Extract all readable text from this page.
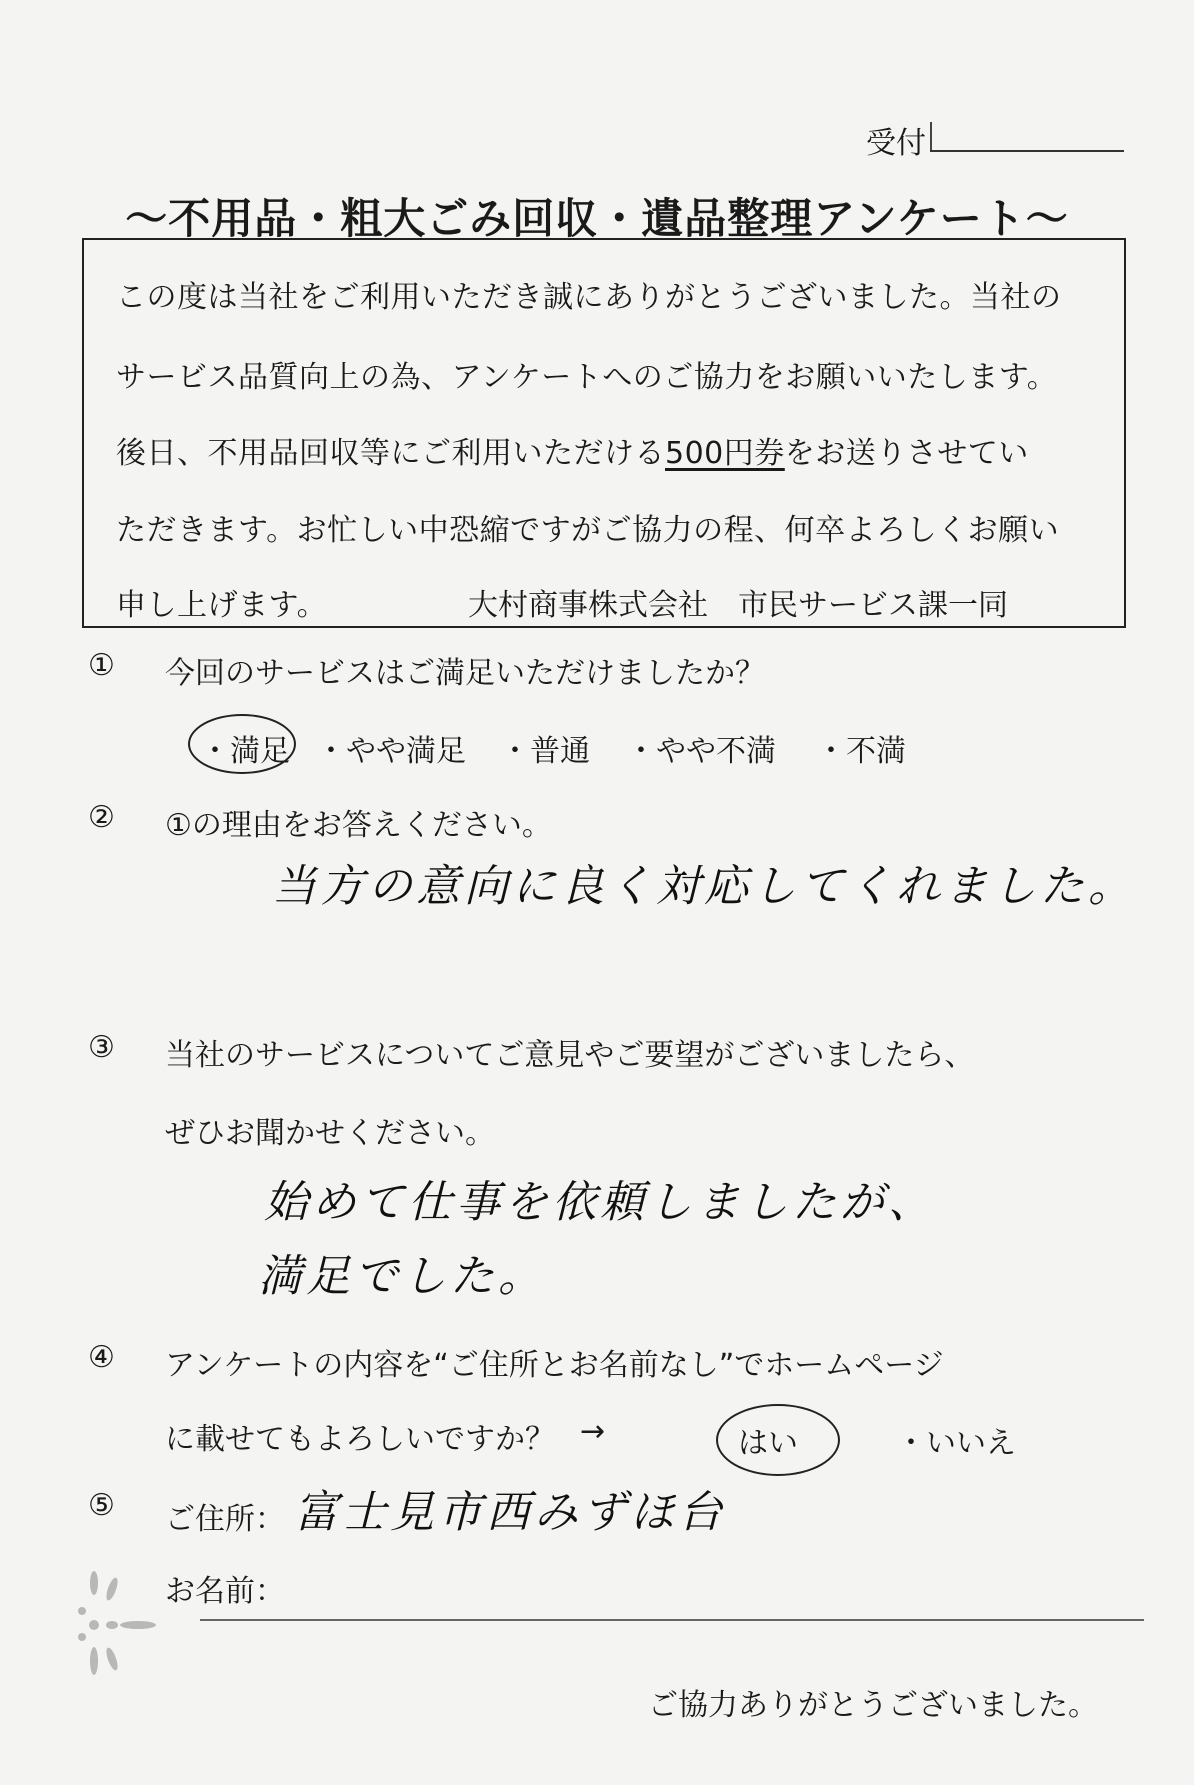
受付
～不用品・粗大ごみ回収・遺品整理アンケート～
この度は当社をご利用いただき誠にありがとうございました。当社の
サービス品質向上の為、アンケートへのご協力をお願いいたします。
後日、不用品回収等にご利用いただける500円券をお送りさせてい
ただきます。お忙しい中恐縮ですがご協力の程、何卒よろしくお願い
申し上げます。	大村商事株式会社　市民サービス課一同
① 今回のサービスはご満足いただけましたか？
・満足 ・やや満足 ・普通 ・やや不満 ・不満
② ①の理由をお答えください。
当方の意向に良く対応してくれました。
③ 当社のサービスについてご意見やご要望がございましたら、
ぜひお聞かせください。
始めて仕事を依頼しましたが、
満足でした。
④ アンケートの内容を“ご住所とお名前なし”でホームページ
に載せてもよろしいですか？ →	はい	・いいえ
⑤ ご住所： 富士見市西みずほ台
お名前：
ご協力ありがとうございました。
